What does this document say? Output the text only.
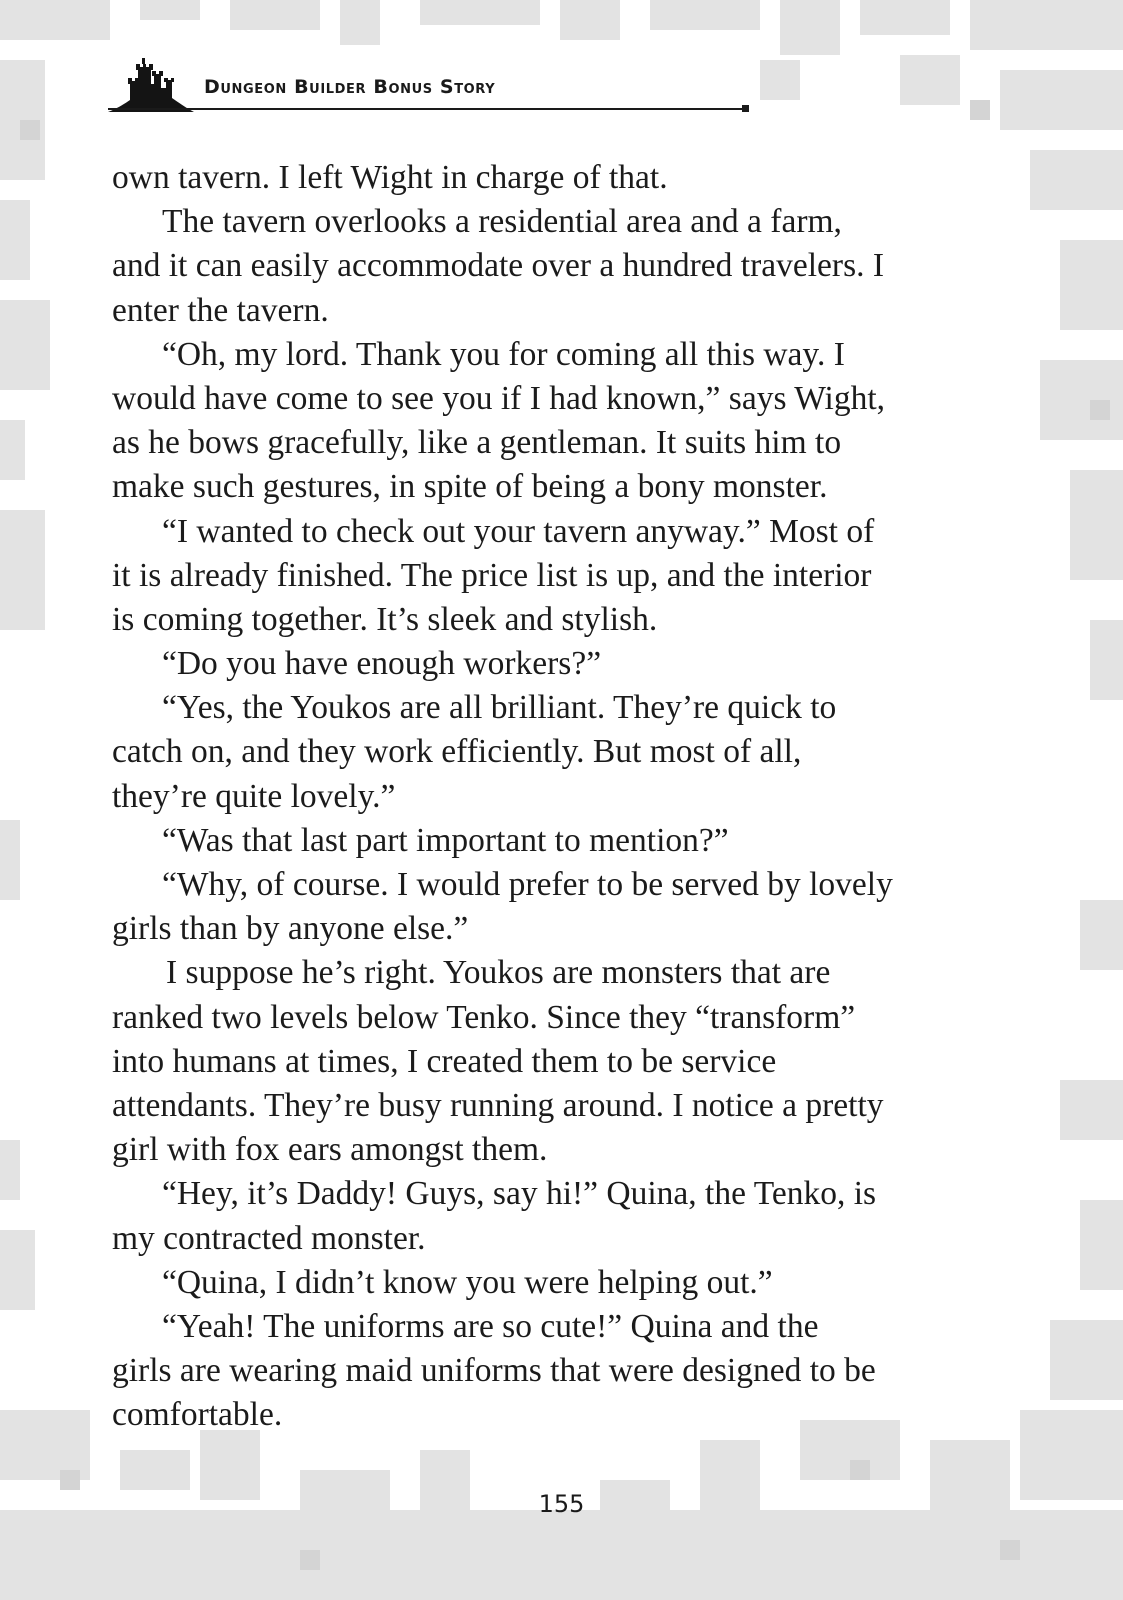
Dungeon Builder Bonus Story
own tavern. I left Wight in charge of that.
The tavern overlooks a residential area and a farm,
and it can easily accommodate over a hundred travelers. I
enter the tavern.
“Oh, my lord. Thank you for coming all this way. I
would have come to see you if I had known,” says Wight,
as he bows gracefully, like a gentleman. It suits him to
make such gestures, in spite of being a bony monster.
“I wanted to check out your tavern anyway.” Most of
it is already finished. The price list is up, and the interior
is coming together. It’s sleek and stylish.
“Do you have enough workers?”
“Yes, the Youkos are all brilliant. They’re quick to
catch on, and they work efficiently. But most of all,
they’re quite lovely.”
“Was that last part important to mention?”
“Why, of course. I would prefer to be served by lovely
girls than by anyone else.”
I suppose he’s right. Youkos are monsters that are
ranked two levels below Tenko. Since they “transform”
into humans at times, I created them to be service
attendants. They’re busy running around. I notice a pretty
girl with fox ears amongst them.
“Hey, it’s Daddy! Guys, say hi!” Quina, the Tenko, is
my contracted monster.
“Quina, I didn’t know you were helping out.”
“Yeah! The uniforms are so cute!” Quina and the
girls are wearing maid uniforms that were designed to be
comfortable.
155
